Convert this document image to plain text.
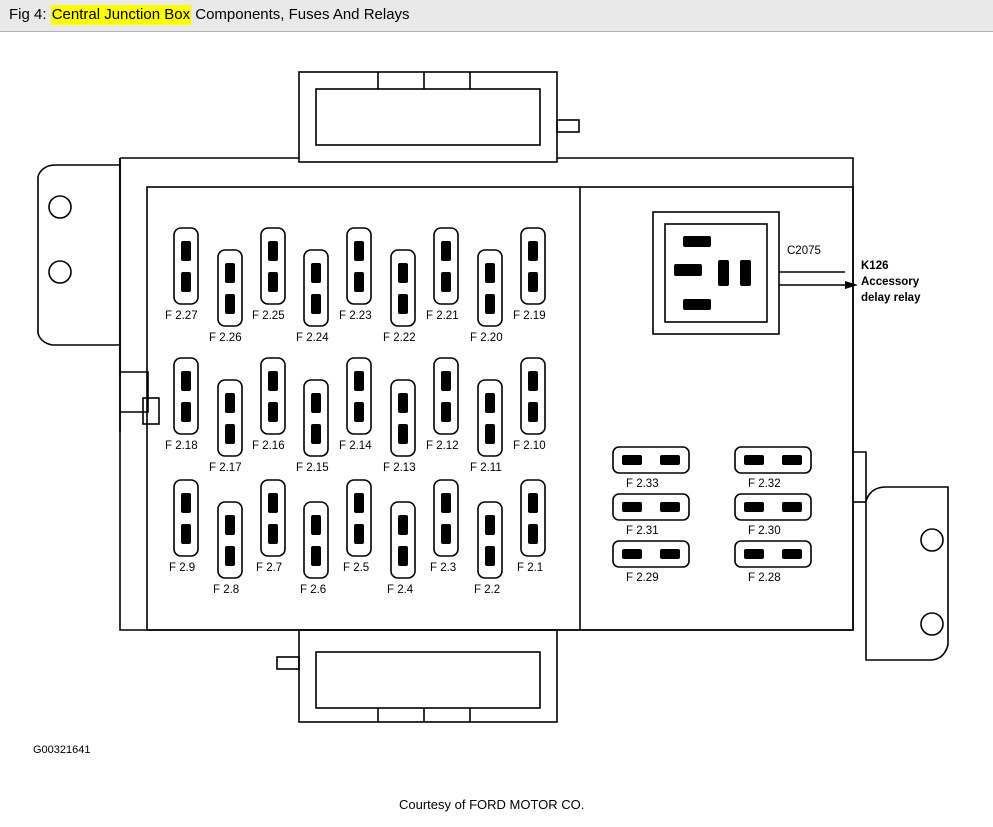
Fig 4: Central Junction Box Components, Fuses And Relays
F 2.27	F 2.25	F 2.23	F 2.21	F 2.19
F 2.26	F 2.24	F 2.22	F 2.20
F 2.18	F 2.16	F 2.14	F 2.12	F 2.10
F 2.17	F 2.15	F 2.13	F 2.11
F 2.9	F 2.7	F 2.5	F 2.3	F 2.1
F 2.8	F 2.6	F 2.4	F 2.2
F 2.33	F 2.32
F 2.31	F 2.30
F 2.29	F 2.28
C2075
K126
Accessory
delay relay
G00321641
Courtesy of FORD MOTOR CO.
